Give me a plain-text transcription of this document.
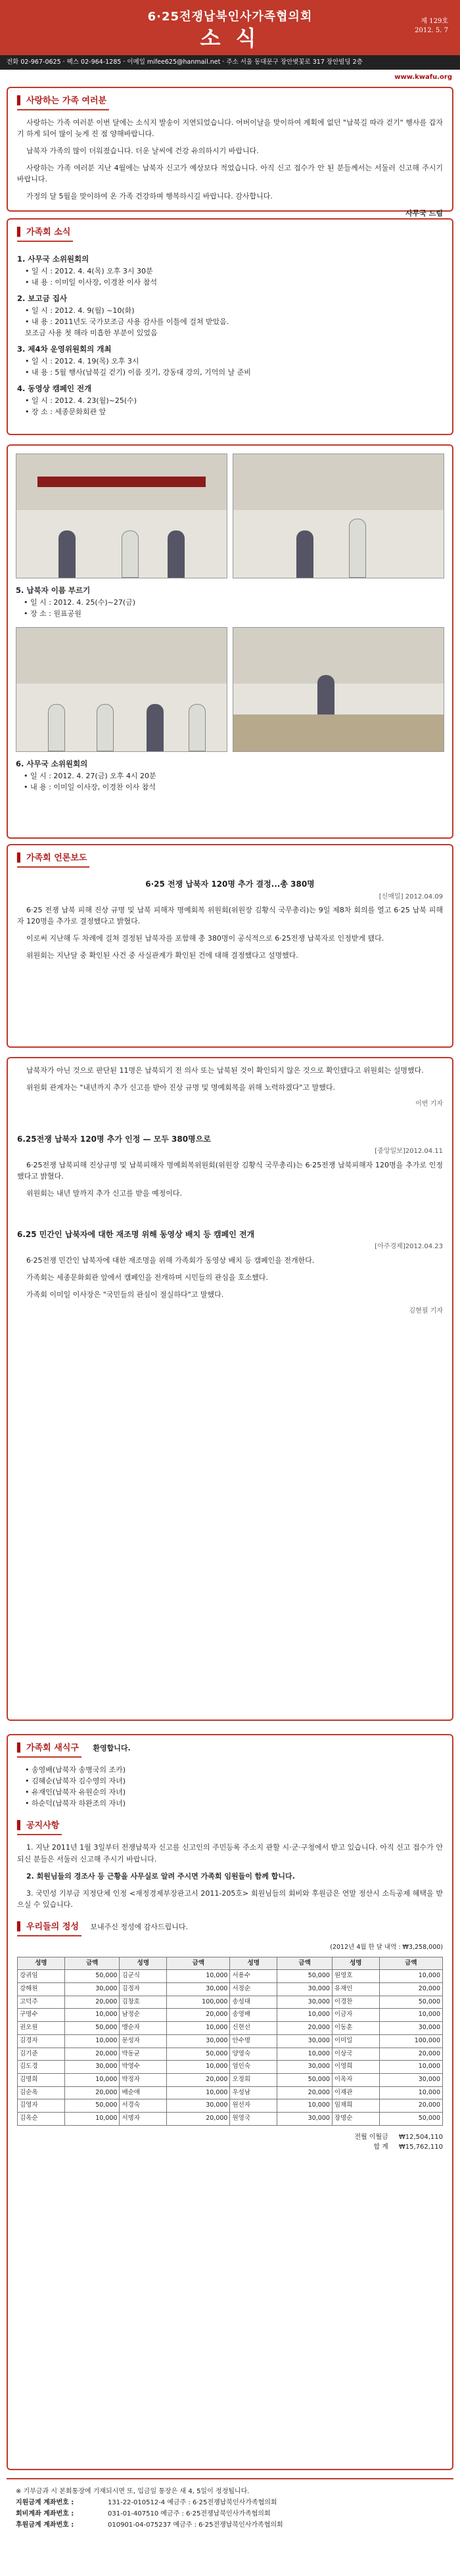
6·25전쟁납북인사가족협의회
소 식
제 129호
2012. 5. 7
전화 02-967-0625 · 팩스 02-964-1285 · 이메일 mifee625@hanmail.net · 주소 서울 동대문구 장안벚꽃로 317 장안빌딩 2층
www.kwafu.org
▌ 사랑하는 가족 여러분

사랑하는 가족 여러분 이번 달에는 소식지 발송이 지연되었습니다. 어버이날을 맞이하여 계획에 없던 "납북길 따라 걷기" 행사를 갑자기 하게 되어 많이 늦게 진 점 양해바랍니다.

납북자 가족의 많이 더워졌습니다. 더운 날씨에 건강 유의하시기 바랍니다.

사랑하는 가족 여러분 지난 4월에는 납북자 신고가 예상보다 적었습니다. 아직 신고 접수가 안 된 분들께서는 서둘러 신고해 주시기 바랍니다.

가정의 달 5월을 맞이하여 온 가족 건강하며 행복하시길 바랍니다. 감사합니다.

사무국 드림
▌ 가족회 소식
1. 사무국 소위원회의
• 일 시 : 2012. 4. 4(목) 오후 3시 30분
• 내 용 : 이미일 이사장, 이경찬 이사 참석
2. 보고금 집사
• 일 시 : 2012. 4. 9(월) ~10(화)
• 내 용 : 2011년도 국가보조금 사용 감사를 이틀에 걸쳐 받았음.
보조금 사용 첫 해라 미흡한 부분이 있었음
3. 제4차 운영위원회의 개최
• 일 시 : 2012. 4. 19(목) 오후 3시
• 내 용 : 5월 행사(납북길 걷기) 이름 짓기, 강동대 강의, 기억의 날 준비
4. 동영상 캠페인 전개
• 일 시 : 2012. 4. 23(월)~25(수)
• 장 소 : 세종문화회관 앞
5. 납북자 이름 부르기
• 일 시 : 2012. 4. 25(수)~27(금)
• 장 소 : 원표공원
6. 사무국 소위원회의
• 일 시 : 2012. 4. 27(금) 오후 4시 20분
• 내 용 : 이미일 이사장, 이경찬 이사 참석
▌ 가족회 언론보도
6·25 전쟁 납북자 120명 추가 결정...총 380명
[신매일] 2012.04.09

6·25 전쟁 납북 피해 진상 규명 및 납북 피해자 명예회복 위원회(위원장 김황식 국무총리)는 9일 제8차 회의를 열고 6·25 납북 피해자 120명을 추가로 결정했다고 밝혔다.

이로써 지난해 두 차례에 걸쳐 결정된 납북자를 포함해 총 380명이 공식적으로 6·25전쟁 납북자로 인정받게 됐다.

위원회는 지난달 중 확인된 사건 중 사실관계가 확인된 건에 대해 결정했다고 설명했다.

납북자가 아닌 것으로 판단된 11명은 납북되기 전 의사 또는 납북된 것이 확인되지 않은 것으로 확인됐다고 위원회는 설명했다.

위원회 관계자는 "내년까지 추가 신고를 받아 진상 규명 및 명예회복을 위해 노력하겠다"고 말했다.

이번 기자
6.25전쟁 납북자 120명 추가 인정 — 모두 380명으로
[중앙일보]2012.04.11

6·25전쟁 납북피해 진상규명 및 납북피해자 명예회복위원회(위원장 김황식 국무총리)는 6·25전쟁 납북피해자 120명을 추가로 인정했다고 밝혔다.

위원회는 내년 말까지 추가 신고를 받을 예정이다.

6.25 민간인 납북자에 대한 재조명 위해 동영상 배치 등 캠페인 전개
[아주경제]2012.04.23

6·25전쟁 민간인 납북자에 대한 재조명을 위해 가족회가 동영상 배치 등 캠페인을 전개한다.

가족회는 세종문화회관 앞에서 캠페인을 전개하며 시민들의 관심을 호소했다.

가족회 이미일 이사장은 "국민들의 관심이 절실하다"고 말했다.

김현필 기자
▌ 가족회 새식구 환영합니다.
• 송영배(납북자 송병국의 조카)
• 김혜순(납북자 김수영의 자녀)
• 유재인(납북자 유원순의 자녀)
• 하순덕(납북자 하완조의 자녀)
▌ 공지사항

1. 지난 2011년 1월 3일부터 전쟁납북자 신고를 신고인의 주민등록 주소지 관할 시·군·구청에서 받고 있습니다. 아직 신고 접수가 안 되신 분들은 서둘러 신고해 주시기 바랍니다.

2. 회원님들의 경조사 등 근황을 사무실로 알려 주시면 가족회 임원들이 함께 합니다.

3. 국민성 기부금 지정단체 인정 <재정경제부장관고시 2011-205호> 회원님들의 회비와 후원금은 연말 정산시 소득공제 혜택을 받으실 수 있습니다.

▌ 우리들의 정성 보내주신 정성에 감사드립니다.
(2012년 4월 한 달 내역 : ₩3,258,000)
성명	금액	성명	금액	성명	금액	성명	금액
강귀임	50,000	김군식	10,000	서용수	50,000	원영호	10,000
강해원	30,000	김정자	30,000	서정순	30,000	유재인	20,000
고덕주	20,000	김창호	100,000	송성대	30,000	이경찬	50,000
구명수	10,000	남정순	20,000	송영배	10,000	이금자	10,000
권오원	50,000	맹순자	10,000	신현선	20,000	이동훈	30,000
김경자	10,000	문성자	30,000	안수명	30,000	이미일	100,000
김기준	20,000	박동균	50,000	양영숙	10,000	이상국	20,000
김도경	30,000	박영수	10,000	엄인숙	30,000	이영희	10,000
김명희	10,000	박정자	20,000	오정희	50,000	이옥자	30,000
김순옥	20,000	배순애	10,000	우성남	20,000	이재관	10,000
김영자	50,000	서경숙	30,000	원선자	10,000	임채희	20,000
김옥순	10,000	서명자	20,000	원영국	30,000	장명순	50,000
전월 이월금 ₩12,504,110
합 계 ₩15,762,110
※ 기부금과 시 본회통장에 기재되시면 또, 입금일 통장은 새 4, 5일이 정정됩니다.
지원금계 계좌번호 :	131-22-010512-4 예금주 : 6·25전쟁납북인사가족협의회
회비계좌 계좌번호 :	031-01-407510 예금주 : 6·25전쟁납북인사가족협의회
후원금계 계좌번호 :	010901-04-075237 예금주 : 6·25전쟁납북인사가족협의회
